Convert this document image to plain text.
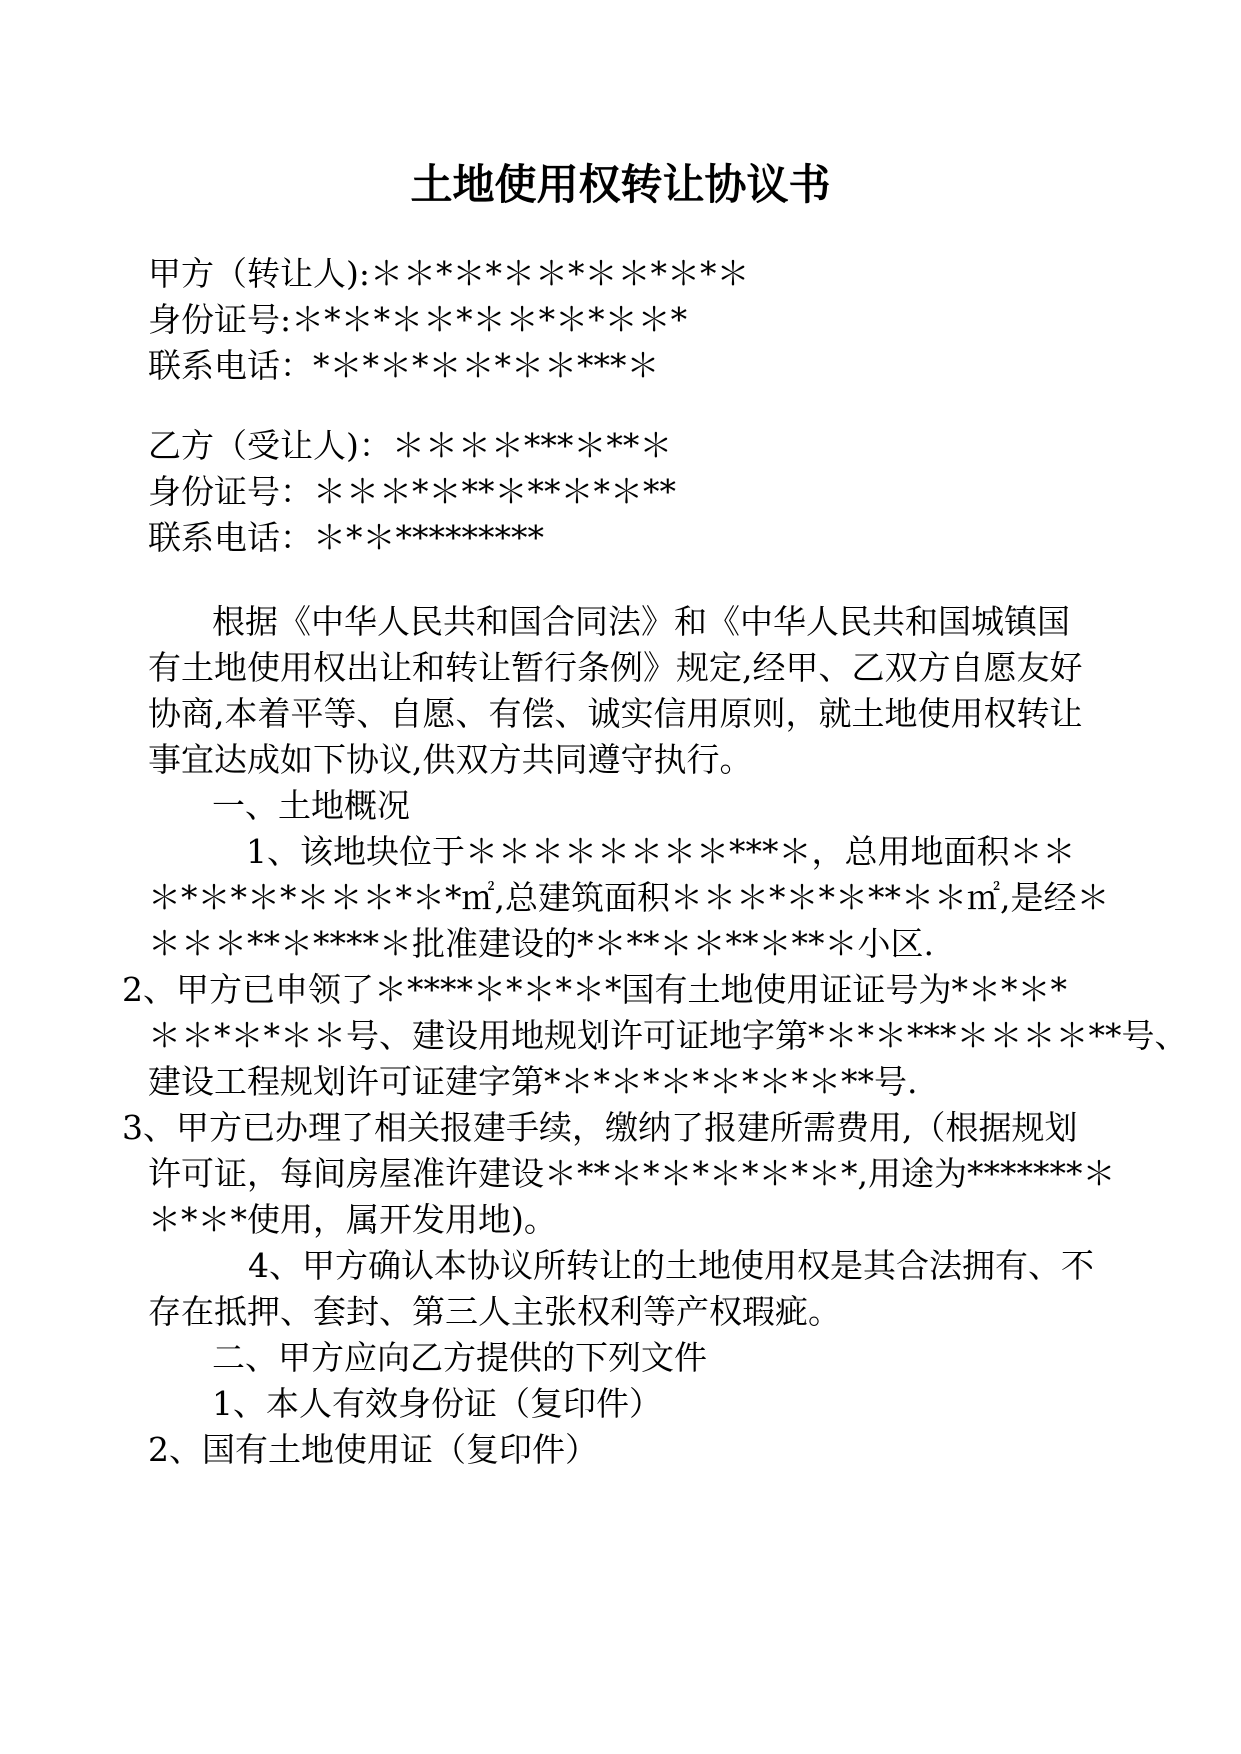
土地使用权转让协议书
甲方（转让人):＊＊*＊*＊＊*＊＊*＊*＊
身份证号:＊*＊*＊＊*＊＊*＊*＊＊*
联系电话：*＊*＊*＊＊*＊＊***＊
乙方（受让人)：＊＊＊＊***＊**＊
身份证号：＊＊＊*＊**＊**＊*＊**
联系电话：＊*＊*********
根据《中华人民共和国合同法》和《中华人民共和国城镇国
有土地使用权出让和转让暂行条例》规定,经甲、乙双方自愿友好
协商,本着平等、自愿、有偿、诚实信用原则，就土地使用权转让
事宜达成如下协议,供双方共同遵守执行。
一、土地概况
1、该地块位于＊＊＊＊＊＊＊＊***＊，总用地面积＊＊
＊*＊*＊*＊＊＊*＊*㎡,总建筑面积＊＊＊*＊*＊**＊＊㎡,是经＊
＊＊＊**＊****＊批准建设的*＊**＊＊**＊**＊小区.
2、甲方已申领了＊****＊*＊*＊*国有土地使用证证号为*＊*＊*
＊＊*＊*＊＊号、建设用地规划许可证地字第*＊*＊***＊＊＊＊**号、
建设工程规划许可证建字第*＊*＊*＊*＊*＊*＊**号.
3、甲方已办理了相关报建手续，缴纳了报建所需费用,（根据规划
许可证，每间房屋准许建设＊**＊*＊*＊*＊*＊*,用途为*******＊
＊*＊*使用，属开发用地)。
4、甲方确认本协议所转让的土地使用权是其合法拥有、不
存在抵押、套封、第三人主张权利等产权瑕疵。
二、甲方应向乙方提供的下列文件
1、本人有效身份证（复印件）
2、国有土地使用证（复印件）
